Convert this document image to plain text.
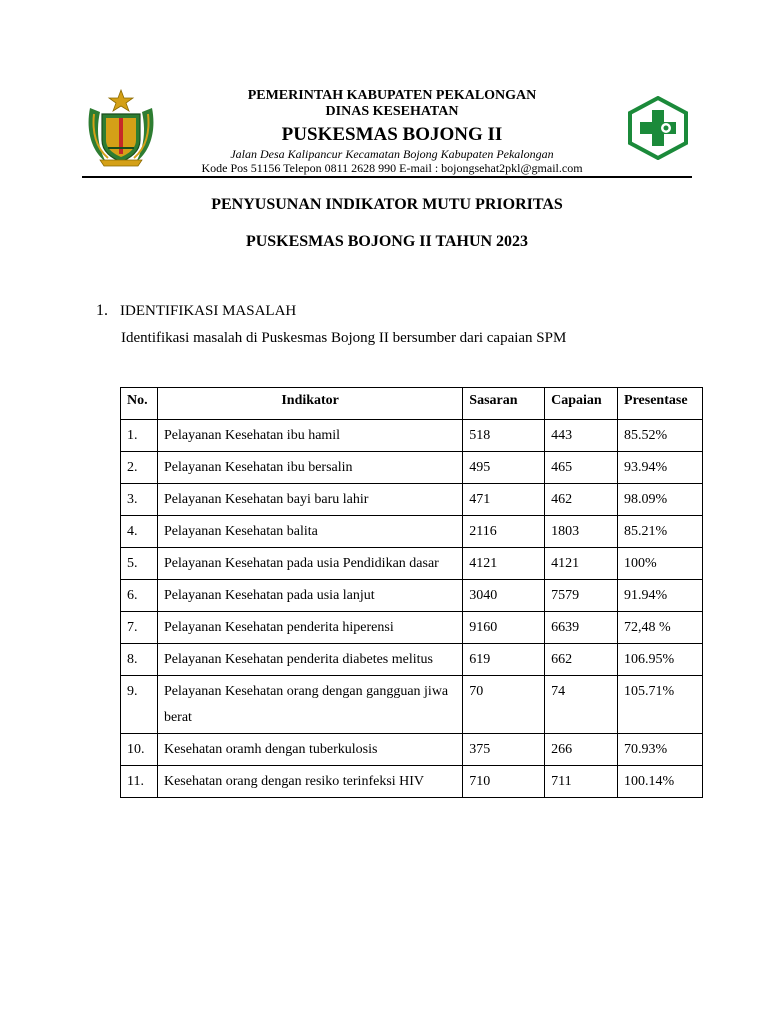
PEMERINTAH KABUPATEN PEKALONGAN
DINAS KESEHATAN
PUSKESMAS BOJONG II
Jalan Desa Kalipancur Kecamatan Bojong Kabupaten Pekalongan
Kode Pos 51156 Telepon 0811 2628 990 E-mail : bojongsehat2pkl@gmail.com
PENYUSUNAN INDIKATOR MUTU PRIORITAS
PUSKESMAS BOJONG II TAHUN 2023
1. IDENTIFIKASI MASALAH
Identifikasi masalah di Puskesmas Bojong II bersumber dari capaian SPM
No.	Indikator	Sasaran	Capaian	Presentase
1.	Pelayanan Kesehatan ibu hamil	518	443	85.52%
2.	Pelayanan Kesehatan ibu bersalin	495	465	93.94%
3.	Pelayanan Kesehatan bayi baru lahir	471	462	98.09%
4.	Pelayanan Kesehatan balita	2116	1803	85.21%
5.	Pelayanan Kesehatan pada usia Pendidikan dasar	4121	4121	100%
6.	Pelayanan Kesehatan pada usia lanjut	3040	7579	91.94%
7.	Pelayanan Kesehatan penderita hiperensi	9160	6639	72,48 %
8.	Pelayanan Kesehatan penderita diabetes melitus	619	662	106.95%
9.	Pelayanan Kesehatan orang dengan gangguan jiwa berat	70	74	105.71%
10.	Kesehatan oramh dengan tuberkulosis	375	266	70.93%
11.	Kesehatan orang dengan resiko terinfeksi HIV	710	711	100.14%
